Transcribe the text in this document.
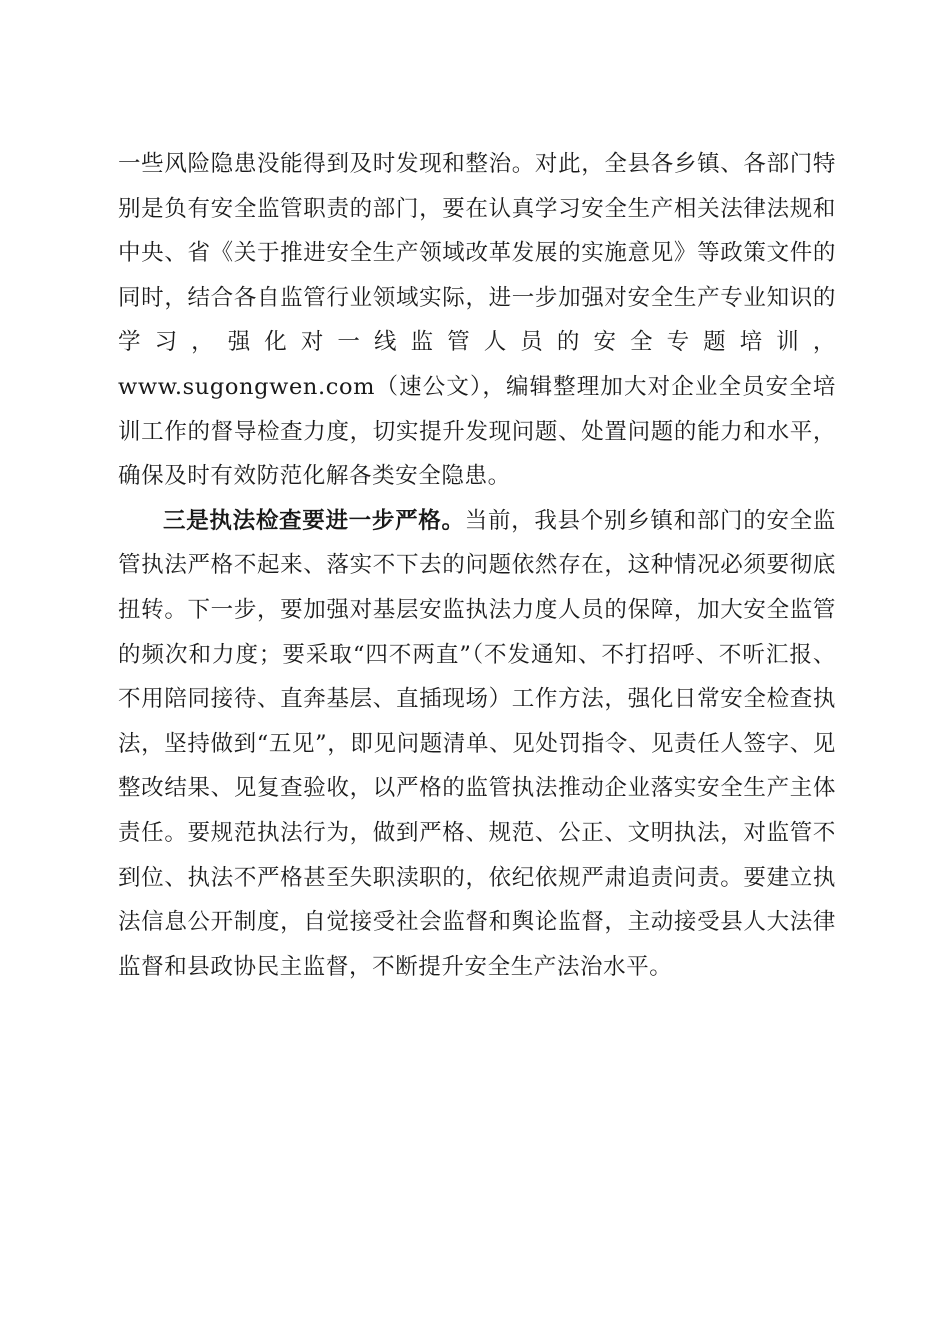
一些风险隐患没能得到及时发现和整治。对此，全县各乡镇、各部门特别是负有安全监管职责的部门，要在认真学习安全生产相关法律法规和中央、省《关于推进安全生产领域改革发展的实施意见》等政策文件的同时，结合各自监管行业领域实际，进一步加强对安全生产专业知识的学习，强化对一线监管人员的安全专题培训，www.sugongwen.com（速公文），编辑整理加大对企业全员安全培训工作的督导检查力度，切实提升发现问题、处置问题的能力和水平，确保及时有效防范化解各类安全隐患。

三是执法检查要进一步严格。当前，我县个别乡镇和部门的安全监管执法严格不起来、落实不下去的问题依然存在，这种情况必须要彻底扭转。下一步，要加强对基层安监执法力度人员的保障，加大安全监管的频次和力度；要采取“四不两直”（不发通知、不打招呼、不听汇报、不用陪同接待、直奔基层、直插现场）工作方法，强化日常安全检查执法，坚持做到“五见”，即见问题清单、见处罚指令、见责任人签字、见整改结果、见复查验收，以严格的监管执法推动企业落实安全生产主体责任。要规范执法行为，做到严格、规范、公正、文明执法，对监管不到位、执法不严格甚至失职渎职的，依纪依规严肃追责问责。要建立执法信息公开制度，自觉接受社会监督和舆论监督，主动接受县人大法律监督和县政协民主监督，不断提升安全生产法治水平。
